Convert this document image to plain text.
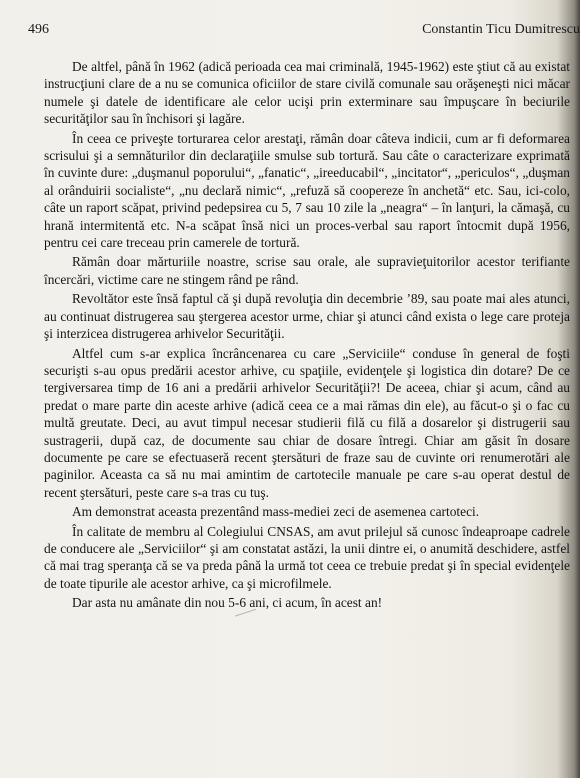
496	Constantin Ticu Dumitrescu

De altfel, până în 1962 (adică perioada cea mai criminală, 1945-1962) este ştiut că au existat instrucţiuni clare de a nu se comunica oficiilor de stare civilă comunale sau orăşeneşti nici măcar numele şi datele de identificare ale celor ucişi prin exterminare sau împuşcare în beciurile securităţilor sau în închisori şi lagăre.

În ceea ce priveşte torturarea celor arestaţi, rămân doar câteva indicii, cum ar fi deformarea scrisului şi a semnăturilor din declaraţiile smulse sub tortură. Sau câte o caracterizare exprimată în cuvinte dure: „duşmanul poporului“, „fanatic“, „ireeducabil“, „incitator“, „periculos“, „duşman al orânduirii socialiste“, „nu declară nimic“, „refuză să coopereze în anchetă“ etc. Sau, ici-colo, câte un raport scăpat, privind pedepsirea cu 5, 7 sau 10 zile la „neagra“ – în lanţuri, la cămaşă, cu hrană intermitentă etc. N-a scăpat însă nici un proces-verbal sau raport întocmit după 1956, pentru cei care treceau prin camerele de tortură.

Rămân doar mărturiile noastre, scrise sau orale, ale supravieţuitorilor acestor terifiante încercări, victime care ne stingem rând pe rând.

Revoltător este însă faptul că şi după revoluţia din decembrie ’89, sau poate mai ales atunci, au continuat distrugerea sau ştergerea acestor urme, chiar şi atunci când exista o lege care proteja şi interzicea distrugerea arhivelor Securităţii.

Altfel cum s-ar explica încrâncenarea cu care „Serviciile“ conduse în general de foşti securişti s-au opus predării acestor arhive, cu spaţiile, evidenţele şi logistica din dotare? De ce tergiversarea timp de 16 ani a predării arhivelor Securităţii?! De aceea, chiar şi acum, când au predat o mare parte din aceste arhive (adică ceea ce a mai rămas din ele), au făcut-o şi o fac cu multă greutate. Deci, au avut timpul necesar studierii filă cu filă a dosarelor şi distrugerii sau sustragerii, după caz, de documente sau chiar de dosare întregi. Chiar am găsit în dosare documente pe care se efectuaseră recent ştersături de fraze sau de cuvinte ori renumerotări ale paginilor. Aceasta ca să nu mai amintim de cartotecile manuale pe care s-au operat destul de recent ştersături, peste care s-a tras cu tuş.

Am demonstrat aceasta prezentând mass-mediei zeci de asemenea cartoteci.

În calitate de membru al Colegiului CNSAS, am avut prilejul să cunosc îndeaproape cadrele de conducere ale „Serviciilor“ şi am constatat astăzi, la unii dintre ei, o anumită deschidere, astfel că mai trag speranţa că se va preda până la urmă tot ceea ce trebuie predat şi în special evidenţele de toate tipurile ale acestor arhive, ca şi microfilmele.

Dar asta nu amânate din nou 5-6 ani, ci acum, în acest an!
